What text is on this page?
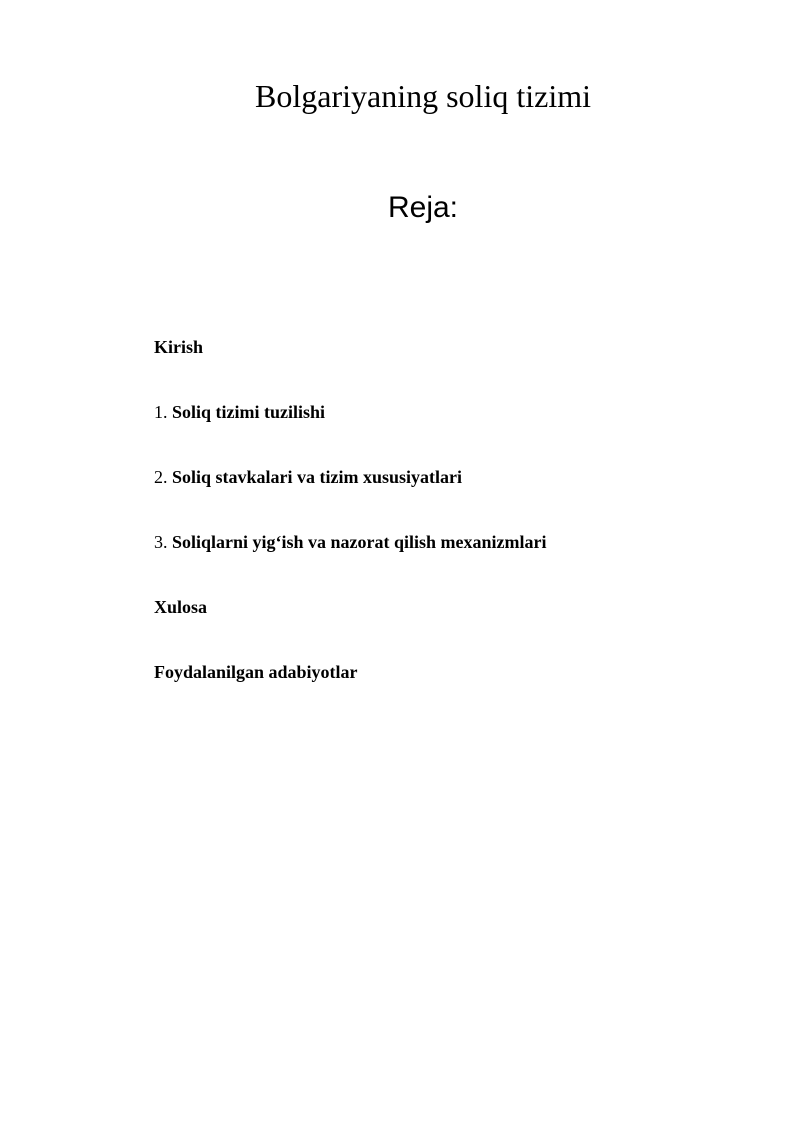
Bolgariyaning soliq tizimi
Reja:
Kirish
1. Soliq tizimi tuzilishi
2. Soliq stavkalari va tizim xususiyatlari
3. Soliqlarni yig‘ish va nazorat qilish mexanizmlari
Xulosa
Foydalanilgan adabiyotlar
